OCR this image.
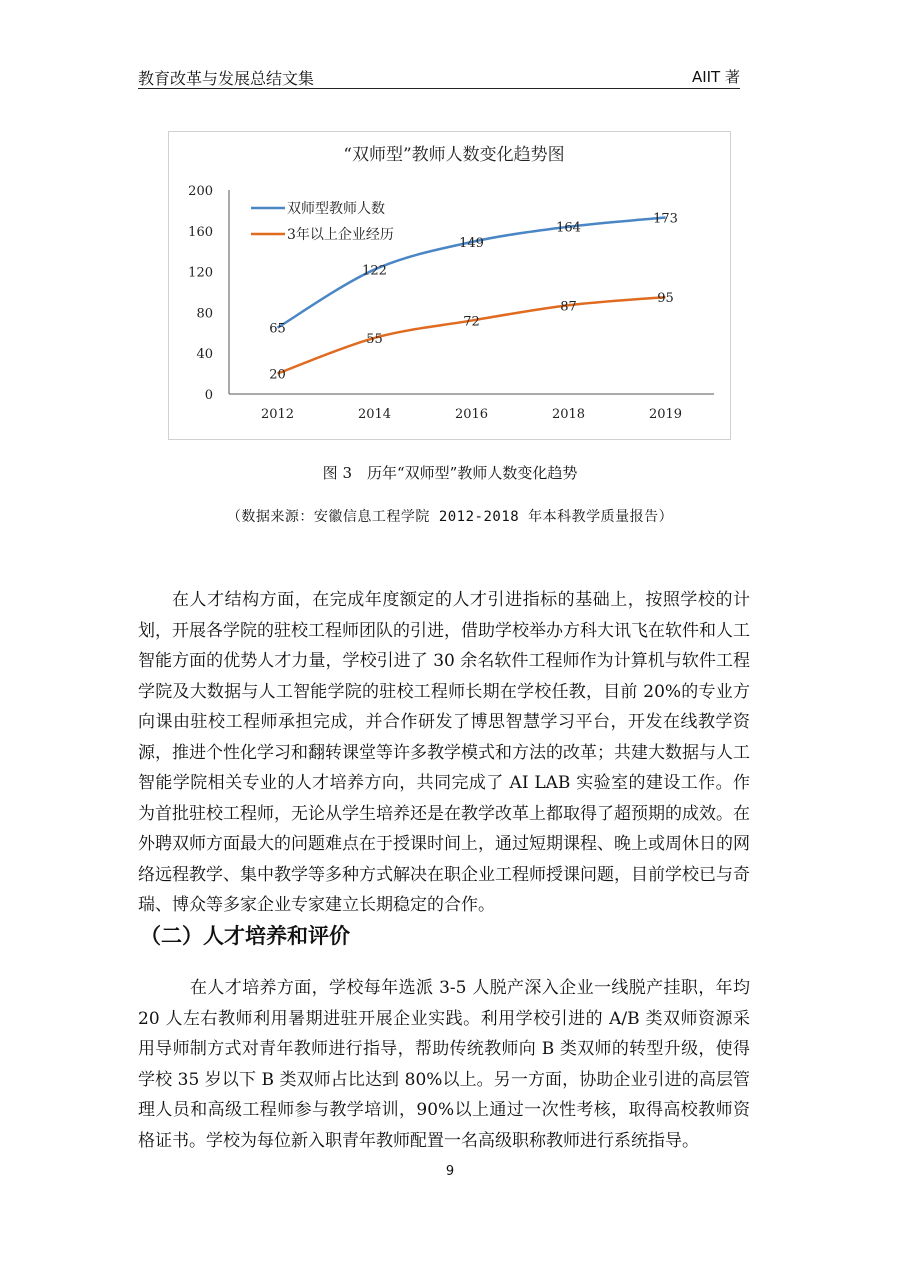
教育改革与发展总结文集	AIIT 著
“双师型”教师人数变化趋势图
0
40
80
120
160
200
2012	2014	2016	2018	2019
65
122
149
164
173
双师型教师人数
20
55
72
87
95
3年以上企业经历
图 3　历年“双师型”教师人数变化趋势
（数据来源：安徽信息工程学院 2012-2018 年本科教学质量报告）
在人才结构方面，在完成年度额定的人才引进指标的基础上，按照学校的计划，开展各学院的驻校工程师团队的引进，借助学校举办方科大讯飞在软件和人工智能方面的优势人才力量，学校引进了 30 余名软件工程师作为计算机与软件工程学院及大数据与人工智能学院的驻校工程师长期在学校任教，目前 20%的专业方向课由驻校工程师承担完成，并合作研发了博思智慧学习平台，开发在线教学资源，推进个性化学习和翻转课堂等许多教学模式和方法的改革；共建大数据与人工智能学院相关专业的人才培养方向，共同完成了 AI LAB 实验室的建设工作。作为首批驻校工程师，无论从学生培养还是在教学改革上都取得了超预期的成效。在外聘双师方面最大的问题难点在于授课时间上，通过短期课程、晚上或周休日的网络远程教学、集中教学等多种方式解决在职企业工程师授课问题，目前学校已与奇瑞、博众等多家企业专家建立长期稳定的合作。
（二）人才培养和评价
在人才培养方面，学校每年选派 3-5 人脱产深入企业一线脱产挂职，年均 20 人左右教师利用暑期进驻开展企业实践。利用学校引进的 A/B 类双师资源采用导师制方式对青年教师进行指导，帮助传统教师向 B 类双师的转型升级，使得学校 35 岁以下 B 类双师占比达到 80%以上。另一方面，协助企业引进的高层管理人员和高级工程师参与教学培训，90%以上通过一次性考核，取得高校教师资格证书。学校为每位新入职青年教师配置一名高级职称教师进行系统指导。
9
